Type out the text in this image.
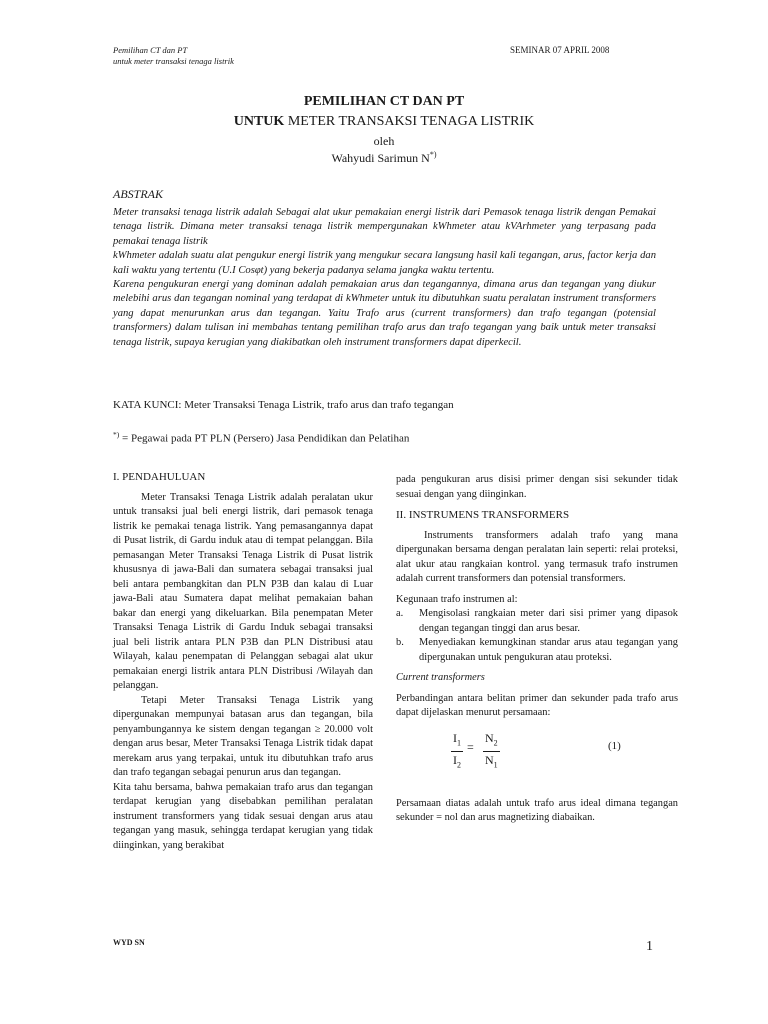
Pemilihan CT dan PT
untuk meter transaksi tenaga listrik
SEMINAR 07 APRIL 2008
PEMILIHAN CT DAN PT
UNTUK METER TRANSAKSI TENAGA LISTRIK
oleh
Wahyudi Sarimun N*)
ABSTRAK

Meter transaksi tenaga listrik adalah Sebagai alat ukur pemakaian energi listrik dari Pemasok tenaga listrik dengan Pemakai tenaga listrik. Dimana meter transaksi tenaga listrik mempergunakan kWhmeter atau kVArhmeter yang terpasang pada pemakai tenaga listrik

kWhmeter adalah suatu alat pengukur energi listrik yang mengukur secara langsung hasil kali tegangan, arus, factor kerja dan kali waktu yang tertentu (U.I Cosφt) yang bekerja padanya selama jangka waktu tertentu.

Karena pengukuran energi yang dominan adalah pemakaian arus dan tegangannya, dimana arus dan tegangan yang diukur melebihi arus dan tegangan nominal yang terdapat di kWhmeter untuk itu dibutuhkan suatu peralatan instrument transformers yang dapat menurunkan arus dan tegangan. Yaitu Trafo arus (current transformers) dan trafo tegangan (potensial transformers) dalam tulisan ini membahas tentang pemilihan trafo arus dan trafo tegangan yang baik untuk meter transaksi tenaga listrik, supaya kerugian yang diakibatkan oleh instrument transformers dapat diperkecil.

KATA KUNCI: Meter Transaksi Tenaga Listrik, trafo arus dan trafo tegangan
*) = Pegawai pada PT PLN (Persero) Jasa Pendidikan dan Pelatihan

I. PENDAHULUAN

Meter Transaksi Tenaga Listrik adalah peralatan ukur untuk transaksi jual beli energi listrik, dari pemasok tenaga listrik ke pemakai tenaga listrik. Yang pemasangannya dapat di Pusat listrik, di Gardu induk atau di tempat pelanggan. Bila pemasangan Meter Transaksi Tenaga Listrik di Pusat listrik khususnya di jawa-Bali dan sumatera sebagai transaksi jual beli antara pembangkitan dan PLN P3B dan kalau di Luar jawa-Bali atau Sumatera dapat melihat pemakaian bahan bakar dan energi yang dikeluarkan. Bila penempatan Meter Transaksi Tenaga Listrik di Gardu Induk sebagai transaksi jual beli listrik antara PLN P3B dan PLN Distribusi atau Wilayah, kalau penempatan di Pelanggan sebagai alat ukur pemakaian energi listrik antara PLN Distribusi /Wilayah dan pelanggan.

Tetapi Meter Transaksi Tenaga Listrik yang dipergunakan mempunyai batasan arus dan tegangan, bila penyambungannya ke sistem dengan tegangan ≥ 20.000 volt dengan arus besar, Meter Transaksi Tenaga Listrik tidak dapat merekam arus yang terpakai, untuk itu dibutuhkan trafo arus dan trafo tegangan sebagai penurun arus dan tegangan.

Kita tahu bersama, bahwa pemakaian trafo arus dan tegangan terdapat kerugian yang disebabkan pemilihan peralatan instrument transformers yang tidak sesuai dengan arus atau tegangan yang masuk, sehingga terdapat kerugian yang tidak diinginkan, yang berakibat

pada pengukuran arus disisi primer dengan sisi sekunder tidak sesuai dengan yang diinginkan.

II. INSTRUMENS TRANSFORMERS

Instruments transformers adalah trafo yang mana dipergunakan bersama dengan peralatan lain seperti: relai proteksi, alat ukur atau rangkaian kontrol. yang termasuk trafo instrumen adalah current transformers dan potensial transformers.

Kegunaan trafo instrumen al:

a.	Mengisolasi rangkaian meter dari sisi primer yang dipasok dengan tegangan tinggi dan arus besar.
b.	Menyediakan kemungkinan standar arus atau tegangan yang dipergunakan untuk pengukuran atau proteksi.

Current transformers

Perbandingan antara belitan primer dan sekunder pada trafo arus dapat dijelaskan menurut persamaan:

$I_1$
$I_2$
=
$N_2$
$N_1$
(1)

Persamaan diatas adalah untuk trafo arus ideal dimana tegangan sekunder = nol dan arus magnetizing diabaikan.

WYD SN	1
